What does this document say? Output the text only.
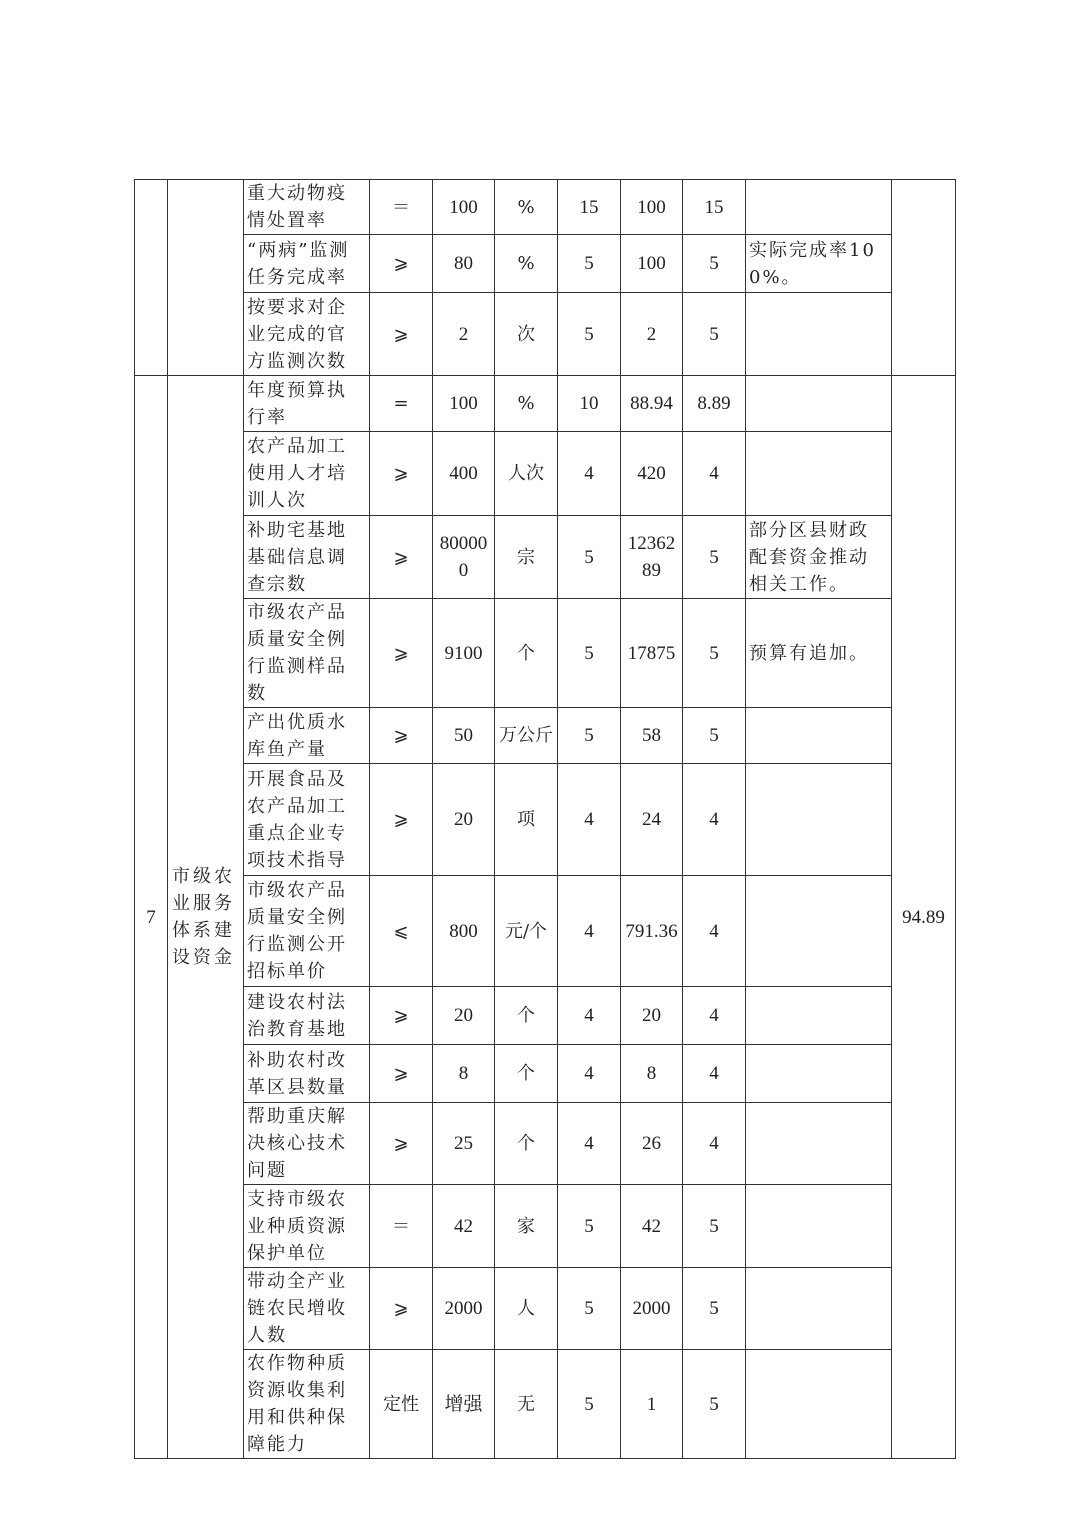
		重大动物疫情处置率	＝	100	%	15	100	15		
		“两病”监测任务完成率	⩾	80	%	5	100	5	实际完成率100%。	
		按要求对企业完成的官方监测次数	⩾	2	次	5	2	5		
7	市级农业服务体系建设资金	年度预算执行率	=	100	%	10	88.94	8.89		94.89
		农产品加工使用人才培训人次	⩾	400	人次	4	420	4		
		补助宅基地基础信息调查宗数	⩾	800000	宗	5	1236289	5	部分区县财政配套资金推动相关工作。	
		市级农产品质量安全例行监测样品数	⩾	9100	个	5	17875	5	预算有追加。	
		产出优质水库鱼产量	⩾	50	万公斤	5	58	5		
		开展食品及农产品加工重点企业专项技术指导	⩾	20	项	4	24	4		
		市级农产品质量安全例行监测公开招标单价	⩽	800	元/个	4	791.36	4		
		建设农村法治教育基地	⩾	20	个	4	20	4		
		补助农村改革区县数量	⩾	8	个	4	8	4		
		帮助重庆解决核心技术问题	⩾	25	个	4	26	4		
		支持市级农业种质资源保护单位	＝	42	家	5	42	5		
		带动全产业链农民增收人数	⩾	2000	人	5	2000	5		
		农作物种质资源收集利用和供种保障能力	定性	增强	无	5	1	5		
